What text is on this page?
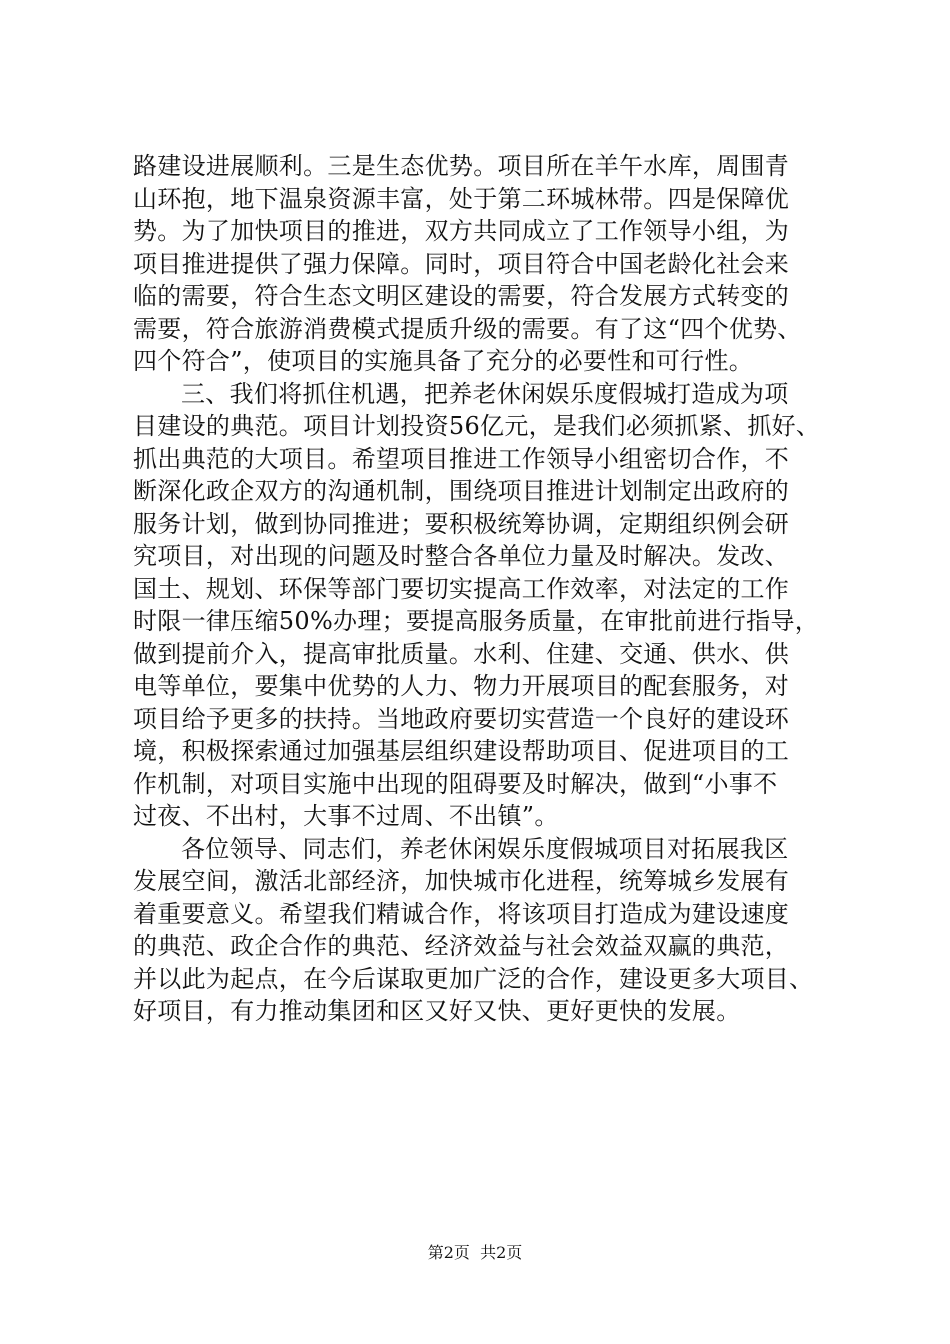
路建设进展顺利。三是生态优势。项目所在羊午水库，周围青
山环抱，地下温泉资源丰富，处于第二环城林带。四是保障优
势。为了加快项目的推进，双方共同成立了工作领导小组，为
项目推进提供了强力保障。同时，项目符合中国老龄化社会来
临的需要，符合生态文明区建设的需要，符合发展方式转变的
需要，符合旅游消费模式提质升级的需要。有了这“四个优势、
四个符合”，使项目的实施具备了充分的必要性和可行性。
三、我们将抓住机遇，把养老休闲娱乐度假城打造成为项
目建设的典范。项目计划投资56亿元，是我们必须抓紧、抓好、
抓出典范的大项目。希望项目推进工作领导小组密切合作，不
断深化政企双方的沟通机制，围绕项目推进计划制定出政府的
服务计划，做到协同推进；要积极统筹协调，定期组织例会研
究项目，对出现的问题及时整合各单位力量及时解决。发改、
国土、规划、环保等部门要切实提高工作效率，对法定的工作
时限一律压缩50%办理；要提高服务质量，在审批前进行指导，
做到提前介入，提高审批质量。水利、住建、交通、供水、供
电等单位，要集中优势的人力、物力开展项目的配套服务，对
项目给予更多的扶持。当地政府要切实营造一个良好的建设环
境，积极探索通过加强基层组织建设帮助项目、促进项目的工
作机制，对项目实施中出现的阻碍要及时解决，做到“小事不
过夜、不出村，大事不过周、不出镇”。
各位领导、同志们，养老休闲娱乐度假城项目对拓展我区
发展空间，激活北部经济，加快城市化进程，统筹城乡发展有
着重要意义。希望我们精诚合作，将该项目打造成为建设速度
的典范、政企合作的典范、经济效益与社会效益双赢的典范，
并以此为起点，在今后谋取更加广泛的合作，建设更多大项目、
好项目，有力推动集团和区又好又快、更好更快的发展。
第2页  共2页
